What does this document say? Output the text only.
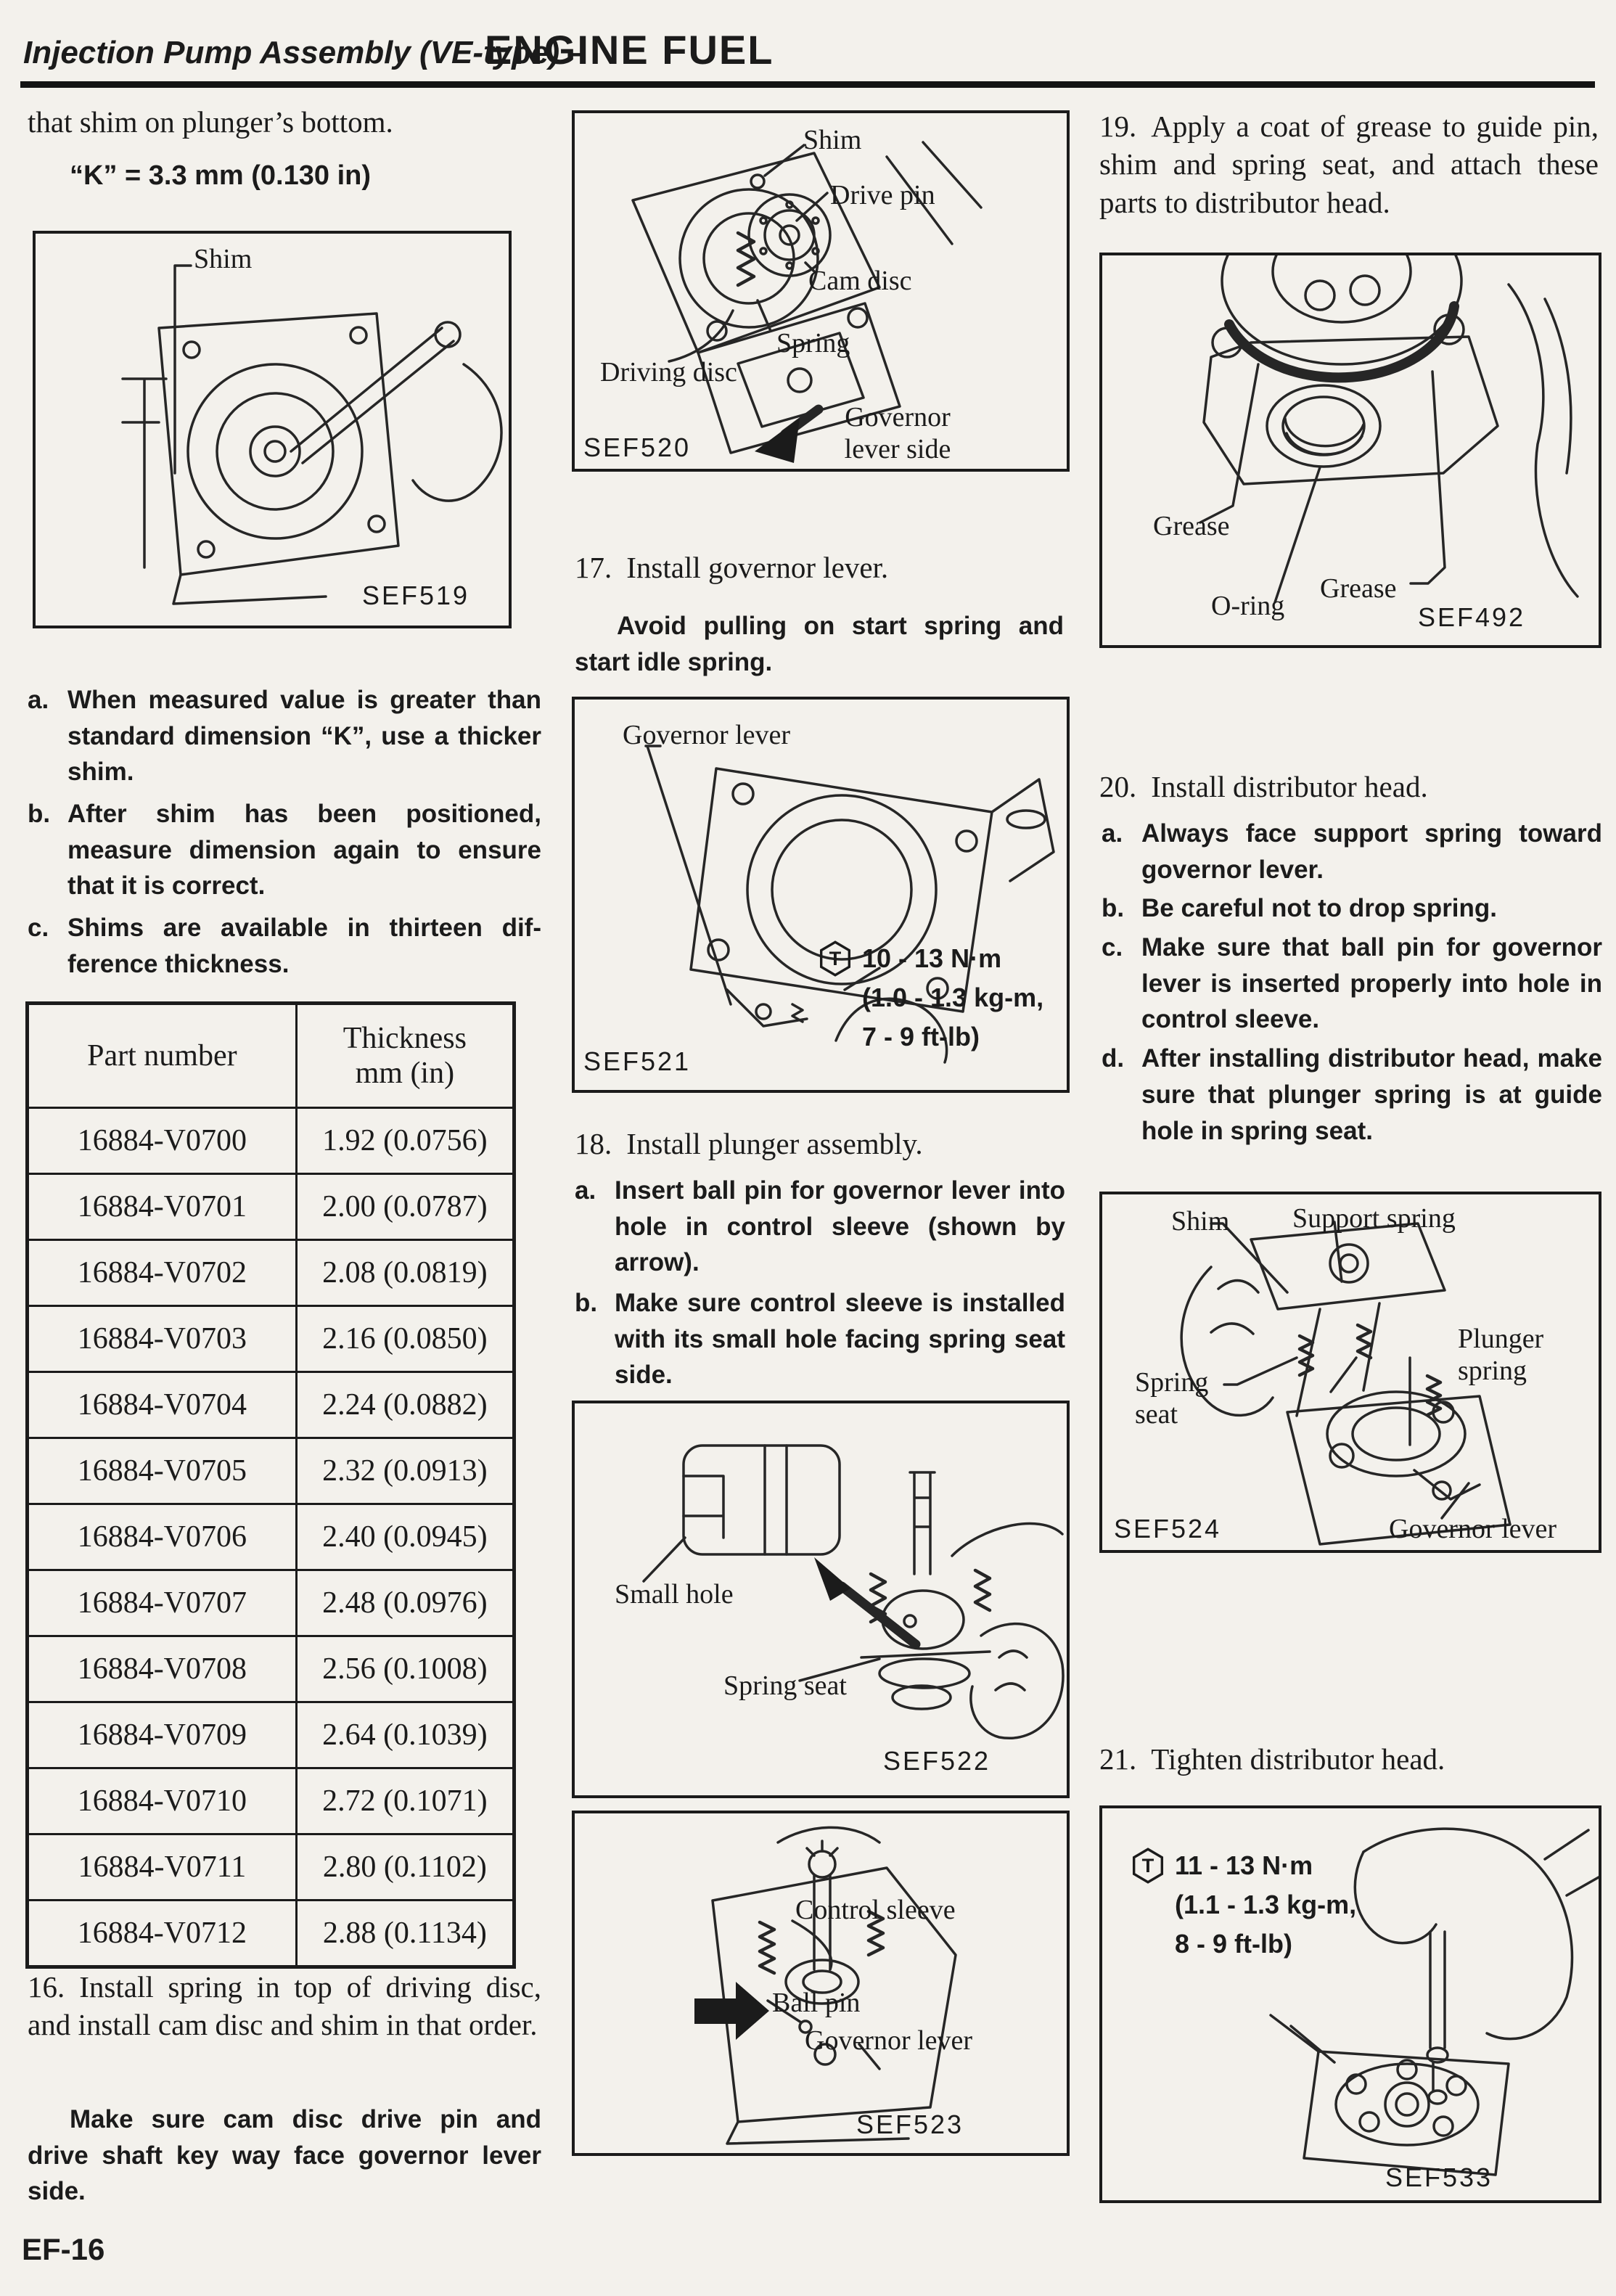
Injection Pump Assembly (VE-type) –
ENGINE FUEL
that shim on plunger’s bottom.
“K” = 3.3 mm (0.130 in)
Shim
SEF519
a. When measured value is greater than standard dimension “K”, use a thicker shim.
b. After shim has been positioned, measure dimension again to ensure that it is correct.
c. Shims are available in thirteen difference thickness.
Part number	Thickness
mm (in)
16884-V0700	1.92 (0.0756)
16884-V0701	2.00 (0.0787)
16884-V0702	2.08 (0.0819)
16884-V0703	2.16 (0.0850)
16884-V0704	2.24 (0.0882)
16884-V0705	2.32 (0.0913)
16884-V0706	2.40 (0.0945)
16884-V0707	2.48 (0.0976)
16884-V0708	2.56 (0.1008)
16884-V0709	2.64 (0.1039)
16884-V0710	2.72 (0.1071)
16884-V0711	2.80 (0.1102)
16884-V0712	2.88 (0.1134)
16. Install spring in top of driving disc, and install cam disc and shim in that order.
Make sure cam disc drive pin and drive shaft key way face governor lever side.
EF-16
Shim
Drive pin
Cam disc
Spring
Driving disc
Governor lever side
SEF520
17. Install governor lever.
Avoid pulling on start spring and start idle spring.
Governor lever
T 10 - 13 N·m
(1.0 - 1.3 kg-m,
7 - 9 ft-lb)
SEF521
18. Install plunger assembly.
a. Insert ball pin for governor lever into hole in control sleeve (shown by arrow).
b. Make sure control sleeve is installed with its small hole facing spring seat side.
Small hole
Spring seat
SEF522
Control sleeve
Ball pin
Governor lever
SEF523
19. Apply a coat of grease to guide pin, shim and spring seat, and attach these parts to distributor head.
Grease
Grease
O-ring	SEF492
20. Install distributor head.
a. Always face support spring toward governor lever.
b. Be careful not to drop spring.
c. Make sure that ball pin for governor lever is inserted properly into hole in control sleeve.
d. After installing distributor head, make sure that plunger spring is at guide hole in spring seat.
Shim Support spring
Plunger spring
Spring seat
Governor lever
SEF524
21. Tighten distributor head.
T 11 - 13 N·m
(1.1 - 1.3 kg-m,
8 - 9 ft-lb)
SEF533
